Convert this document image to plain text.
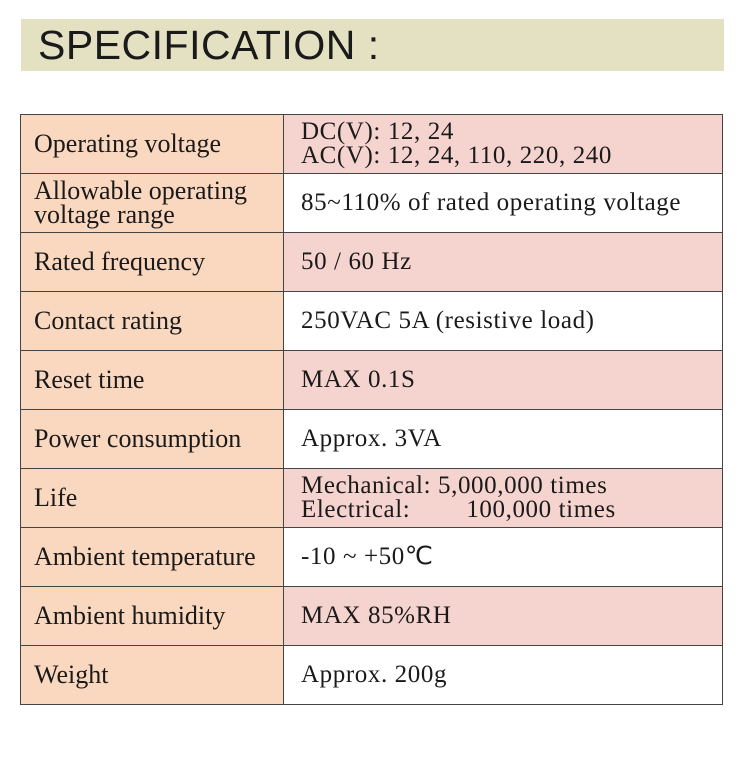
SPECIFICATION :
Operating voltage	DC(V): 12, 24
AC(V): 12, 24, 110, 220, 240

Allowable operating
voltage range	85~110% of rated operating voltage

Rated frequency	50 / 60 Hz

Contact rating	250VAC 5A (resistive load)

Reset time	MAX 0.1S

Power consumption	Approx. 3VA

Life	Mechanical: 5,000,000 times
Electrical: 100,000 times

Ambient temperature	-10 ~ +50℃

Ambient humidity	MAX 85%RH

Weight	Approx. 200g
